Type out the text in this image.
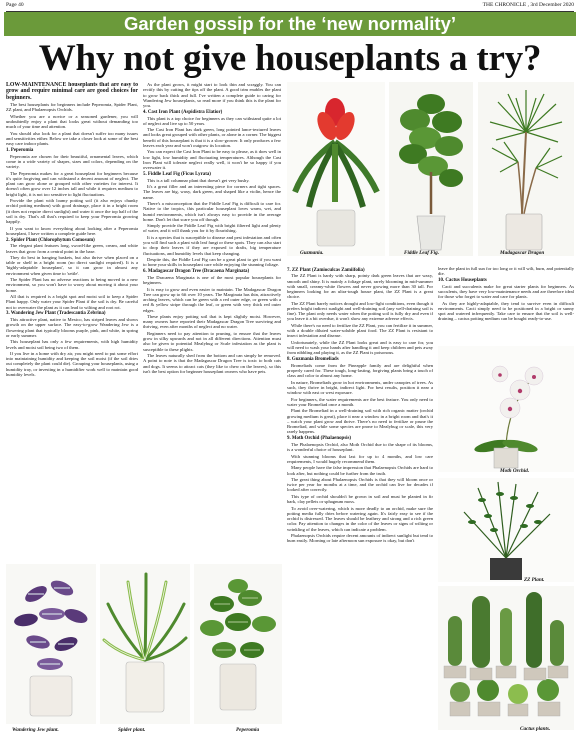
Page 40	THE CHRONICLE , 3rd December 2020
Garden gossip for the ‘new normality’
Why not give houseplants a try?

LOW-MAINTENANCE houseplants that are easy to grow and require minimal care are good choices for beginners.

The best houseplants for beginners include Peperomia, Spider Plant, ZZ plant, and Phalaenopsis Orchids.

Whether you are a novice or a seasoned gardener, you will undoubtedly enjoy a plant that looks great without demanding too much of your time and attention.

You should also look for a plant that doesn't suffer too many issues and sensitivities either. Below we take a closer look at some of the best easy care indoor plants.

1. Peperomia

Peperomia are chosen for their beautiful, ornamental leaves, which come in a wide variety of shapes, sizes and colors, depending on the variety.

The Peperomia makes for a great houseplant for beginners because it's quite forgiving and can withstand a decent amount of neglect. The plant can grow alone or grouped with other varieties for interest. It doesn't often grow over 12 inches tall and while it requires medium to bright light, it is not too sensitive to light fluctuations.

Provide the plant with loamy potting soil (it also enjoys chunky orchid potting medium) with good drainage, place it in a bright room (it does not require direct sunlight) and water it once the top half of the soil is dry. That's all that's required to keep your Peperomia growing happily.

If you want to know everything about looking after a Peperomia houseplant, I have written a complete guide here.

2. Spider Plant (Chlorophytum Comosum)

The elegant plant features long, sword-like green, cream, and white leaves that grow from a central point in the base.

They do best in hanging baskets, but also thrive when placed on a table or shelf in a bright room (no direct sunlight required). It is a 'highly-adaptable houseplant', so it can grow in almost any environment when given time to 'settle'.

The Spider Plant has no adverse reactions to being moved to a new environment, so you won't have to worry about moving it about your home.

All that is required is a bright spot and moist soil to keep a Spider Plant happy. Only water your Spider Plant if the soil is dry. Be careful not to overwater the plant as it can lead to wilting and root rot.

3. Wandering Jew Plant (Tradescantia Zebrina)

This attractive plant, native to Mexico, has striped leaves and shows growth on the upper surface. The easy-to-grow Wandering Jew is a flowering plant that typically blooms purple, pink, and white, in spring or early summer.

This houseplant has only a few requirements, with high humidity levels and moist soil being two of them.

If you live in a home with dry air, you might need to put some effort into maintaining humidity and keeping the soil moist (if the soil dries out completely the plant could die). Grouping your houseplants, using a humidity tray, or investing in a humidifier work well to maintain good humidity levels.

As the plant grows, it might start to look thin and scraggly. You can rectify this by cutting the tips off the plant. A good trim enables the plant to grow back thick and full. I've written a complete guide to caring for Wandering Jew houseplants, so read more if you think this is the plant for you.

4. Cast Iron Plant (Aspidistra Elatior)

This plant is a top choice for beginners as they can withstand quite a lot of neglect and live up to 50 years.

The Cast Iron Plant has dark green, long pointed lance-textured leaves and looks great grouped with other plants, or alone in a corner. The biggest benefit of this houseplant is that it is a slow-grower. It only produces a few leaves each year and won't outgrow its location.

You can expect the Cast Iron Plant to be easy to please, as it does well in low light, low humidity and fluctuating temperatures. Although the Cast Iron Plant will tolerate neglect really well, it won't be so happy if you overwater it.

5. Fiddle Leaf Fig (Ficus Lyrata)

This is a tall columnar plant that doesn't get very bushy.

It's a great filler and an interesting piece for corners and tight spaces. The leaves are big, waxy, dark green, and shaped like a violin, hence the name.

There's a misconception that the Fiddle Leaf Fig is difficult to care for. Native to the tropics, this particular houseplant loves warm, wet, and humid environments, which isn't always easy to provide in the average home. Don't let that scare you off though.

Simply provide the Fiddle Leaf Fig with bright filtered light and plenty of water, and it will thank you for it by flourishing.

It is a species that is susceptible to disease and pest infestation and often you will find such a plant with leaf fungi or these spots. They can also start to drop their leaves if they are exposed to drafts, big temperature fluctuations, and humidity levels that keep changing.

Despite this, the Fiddle Leaf Fig can be a great plant to get if you want to hone your skills in houseplant care while enjoying the stunning foliage.

6. Madagascar Dragon Tree (Dracaena Marginata)

The Dracaena Marginata is one of the most popular houseplants for beginners.

It is easy to grow and even easier to maintain. The Madagascar Dragon Tree can grow up to 6ft over 10 years. The Marginata has thin, attractively arching leaves, which can be green with a red outer edge, or green with a red & yellow stripe through the leaf, or green with very thick red outer edges.

These plants enjoy potting soil that is kept slightly moist. However, many owners have reported their Madagascar Dragon Tree surviving and thriving, even after months of neglect and no water.

Beginners need to pay attention to pruning, to ensure that the leaves grow in silky upwards and not in all different directions. Attention must also be given to potential Mealybug or Scale infestation as the plant is susceptible to these plights.

The leaves naturally shed from the bottom and can simply be removed. A point to note is that the Madagascar Dragon Tree is toxic to both cats and dogs. It seems to attract cats (they like to chew on the leaves), so this isn't the best option for beginner houseplant owners who have pets.

7. ZZ Plant (Zamioculcas Zamiifolia)

The ZZ Plant is hardy with sharp, pointy dark green leaves that are waxy, smooth and shiny. It is mainly a foliage plant, rarely blooming in mid-summer with small, creamy-white flowers and never growing more than 30 tall. For beginners looking for an ultra-tough house plant, the ZZ Plant is a great choice.

The ZZ Plant barely notices drought and low-light conditions, even though it prefers bright indirect sunlight and well-draining soil (any well-draining soil is fine). The plant only needs water when the potting soil is fully dry and even if you leave it a bit overdue, it won't show any extreme adverse effects.

While there's no need to fertilize the ZZ Plant, you can fertilize it in summer, with a double diluted water-soluble plant food. The ZZ Plant is resistant to insect infestation and disease.

Unfortunately, while the ZZ Plant looks great and is easy to care for, you will need to wash your hands after handling it and keep children and pets away from nibbling and playing it, as the ZZ Plant is poisonous.

8. Guzmania Bromeliads

Bromeliads come from the Pineapple family and are delightful when properly cared for. These tough, long-lasting, forgiving plants bring a touch of class and color to almost any home.

In nature, Bromeliads grow in hot environments, under canopies of trees. As such, they thrive in bright, indirect light. For best results, position it near a window with east or west exposure.

For beginners, the water requirements are the best feature. You only need to water your Bromeliad once a month.

Plant the Bromeliad in a well-draining soil with rich organic matter (orchid growing medium is great), place it near a window in a bright room and that's it – watch your plant grow and thrive. There's no need to fertilize or prune the Bromeliad, and while some species are prone to Mealybug or scale, this very rarely happens.

9. Moth Orchid (Phalaenopsis)

The Phalaenopsis Orchid, also Moth Orchid due to the shape of its blooms, is a wonderful choice of houseplant.

With stunning blooms that last for up to 4 months, and low care requirements, I would hugely recommend them.

Many people have the false impression that Phalaenopsis Orchids are hard to look after, but nothing could be further from the truth.

The great thing about Phalaenopsis Orchids is that they will bloom once or twice per year for months at a time, and the orchid can live for decades if looked after correctly.

This type of orchid shouldn't be grown in soil and must be planted in fir bark, clay pellets or sphagnum moss.

To avoid over-watering, which is more deadly to an orchid, make sure the potting media fully dries before watering again. It's fairly easy to see if the orchid is distressed. The leaves should be leathery and strong and a rich green color. Pay attention to changes in the color of the leaves or signs of wilting or wrinkling of the leaves, which can indicate a problem.

Phalaenopsis Orchids require decent amounts of indirect sunlight but tend to burn easily. Morning or late afternoon sun exposure is okay, but don't

leave the plant in full sun for too long or it will wilt, burn, and potentially die.

10. Cactus Houseplants

Cacti and succulents make for great starter plants for beginners. As succulents, they have very low-maintenance needs and are therefore ideal for those who forget to water and care for plants.

As they are highly-adaptable, they tend to survive even in difficult environments. Cacti simply need to be positioned in a bright or sunny spot and watered infrequently. Take care to ensure that the soil is well-draining – cactus potting medium can be bought ready-to-use.

Guzmania.	Fiddle Leaf Fig.	Madagascar Dragon
Moth Orchid.
ZZ Plant.
Cactus plants.
Wandering Jew plant.	Spider plant.	Peperomia
